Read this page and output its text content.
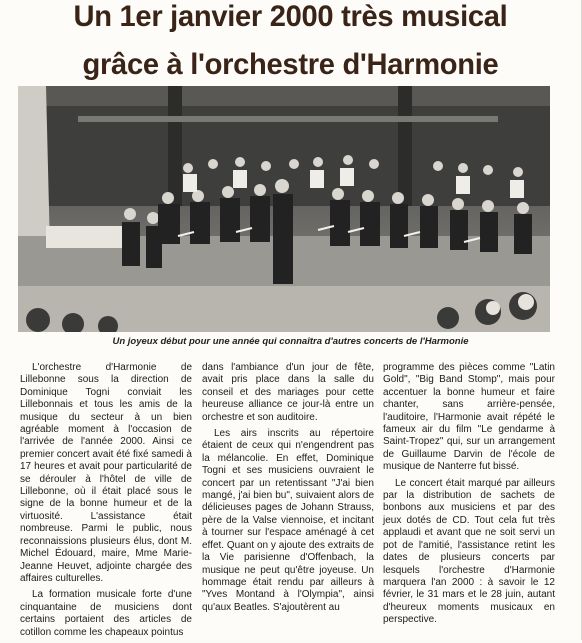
Un 1er janvier 2000 très musical
grâce à l'orchestre d'Harmonie
Un joyeux début pour une année qui connaîtra d'autres concerts de l'Harmonie

L'orchestre d'Harmonie de Lillebonne sous la direction de Dominique Togni conviait les Lillebonnais et tous les amis de la musique du secteur à un bien agréable moment à l'occasion de l'arrivée de l'année 2000. Ainsi ce premier concert avait été fixé samedi à 17 heures et avait pour particularité de se dérouler à l'hôtel de ville de Lillebonne, où il était placé sous le signe de la bonne humeur et de la virtuosité. L'assistance était nombreuse. Parmi le public, nous reconnaissions plusieurs élus, dont M. Michel Édouard, maire, Mme Marie-Jeanne Heuvet, adjointe chargée des affaires culturelles.

La formation musicale forte d'une cinquantaine de musiciens dont certains portaient des articles de cotillon comme les chapeaux pointus

dans l'ambiance d'un jour de fête, avait pris place dans la salle du conseil et des mariages pour cette heureuse alliance ce jour-là entre un orchestre et son auditoire.

Les airs inscrits au répertoire étaient de ceux qui n'engendrent pas la mélancolie. En effet, Dominique Togni et ses musiciens ouvraient le concert par un retentissant "J'ai bien mangé, j'ai bien bu", suivaient alors de délicieuses pages de Johann Strauss, père de la Valse viennoise, et incitant à tourner sur l'espace aménagé à cet effet. Quant on y ajoute des extraits de la Vie parisienne d'Offenbach, la musique ne peut qu'être joyeuse. Un hommage était rendu par ailleurs à "Yves Montand à l'Olympia", ainsi qu'aux Beatles. S'ajoutèrent au

programme des pièces comme "Latin Gold", "Big Band Stomp", mais pour accentuer la bonne humeur et faire chanter, sans arrière-pensée, l'auditoire, l'Harmonie avait répété le fameux air du film "Le gendarme à Saint-Tropez" qui, sur un arrangement de Guillaume Darvin de l'école de musique de Nanterre fut bissé.

Le concert était marqué par ailleurs par la distribution de sachets de bonbons aux musiciens et par des jeux dotés de CD. Tout cela fut très applaudi et avant que ne soit servi un pot de l'amitié, l'assistance retint les dates de plusieurs concerts par lesquels l'orchestre d'Harmonie marquera l'an 2000 : à savoir le 12 février, le 31 mars et le 28 juin, autant d'heureux moments musicaux en perspective.
